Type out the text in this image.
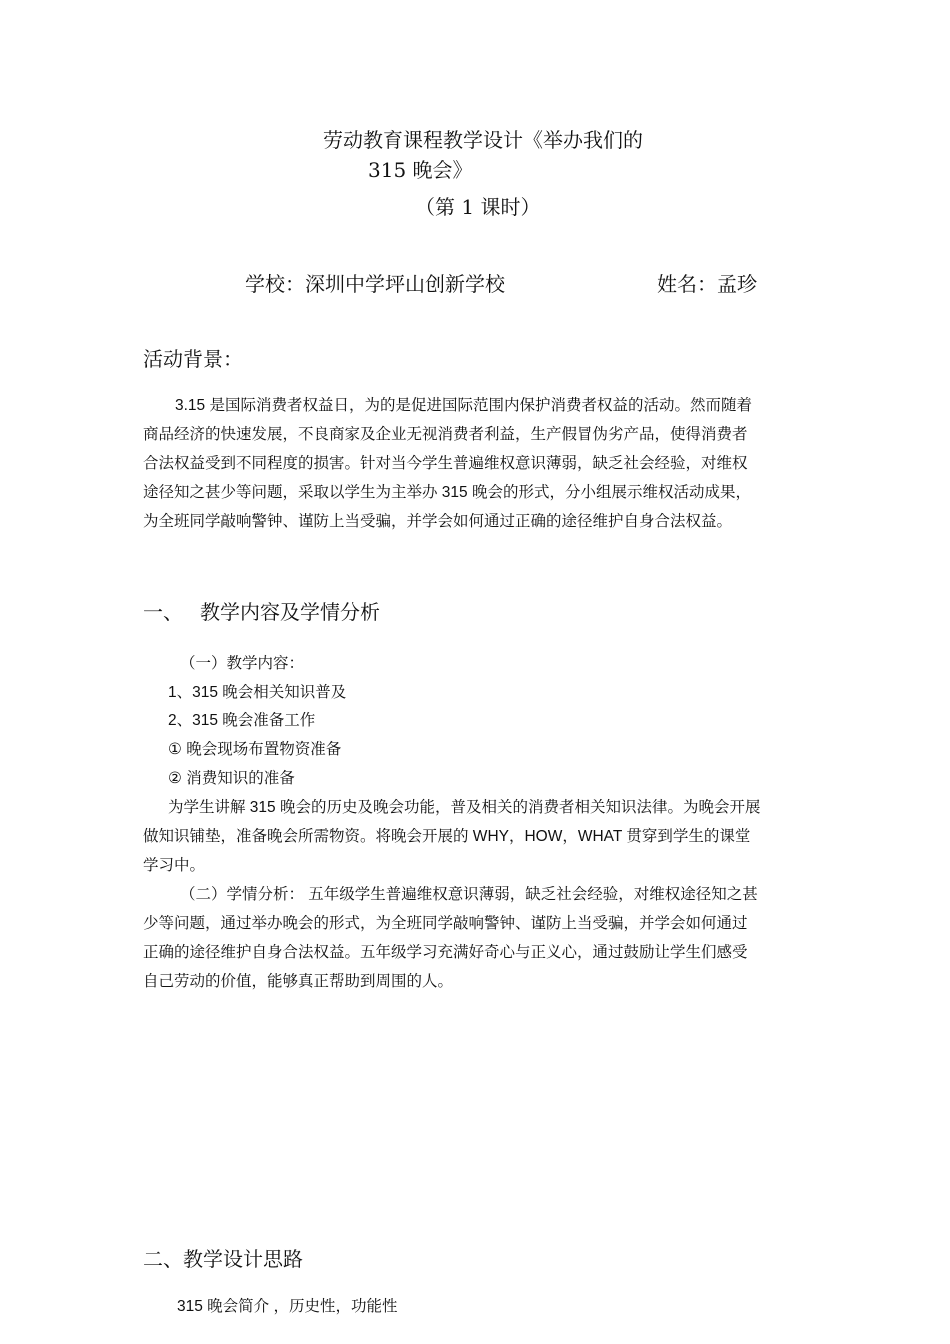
劳动教育课程教学设计《举办我们的
315 晚会》
（第 1 课时）
学校：深圳中学坪山创新学校	姓名：孟珍
活动背景：
3.15 是国际消费者权益日，为的是促进国际范围内保护消费者权益的活动。然而随着
商品经济的快速发展，不良商家及企业无视消费者利益，生产假冒伪劣产品，使得消费者
合法权益受到不同程度的损害。针对当今学生普遍维权意识薄弱，缺乏社会经验，对维权
途径知之甚少等问题，采取以学生为主举办 315 晚会的形式，分小组展示维权活动成果，
为全班同学敲响警钟、谨防上当受骗，并学会如何通过正确的途径维护自身合法权益。
一、 教学内容及学情分析
（一）教学内容：
1、315 晚会相关知识普及
2、315 晚会准备工作
① 晚会现场布置物资准备
② 消费知识的准备
为学生讲解 315 晚会的历史及晚会功能，普及相关的消费者相关知识法律。为晚会开展
做知识铺垫，准备晚会所需物资。将晚会开展的 WHY，HOW，WHAT 贯穿到学生的课堂
学习中。
（二）学情分析： 五年级学生普遍维权意识薄弱，缺乏社会经验，对维权途径知之甚
少等问题，通过举办晚会的形式，为全班同学敲响警钟、谨防上当受骗，并学会如何通过
正确的途径维护自身合法权益。五年级学习充满好奇心与正义心，通过鼓励让学生们感受
自己劳动的价值，能够真正帮助到周围的人。
二、教学设计思路
315 晚会简介 ，历史性，功能性
